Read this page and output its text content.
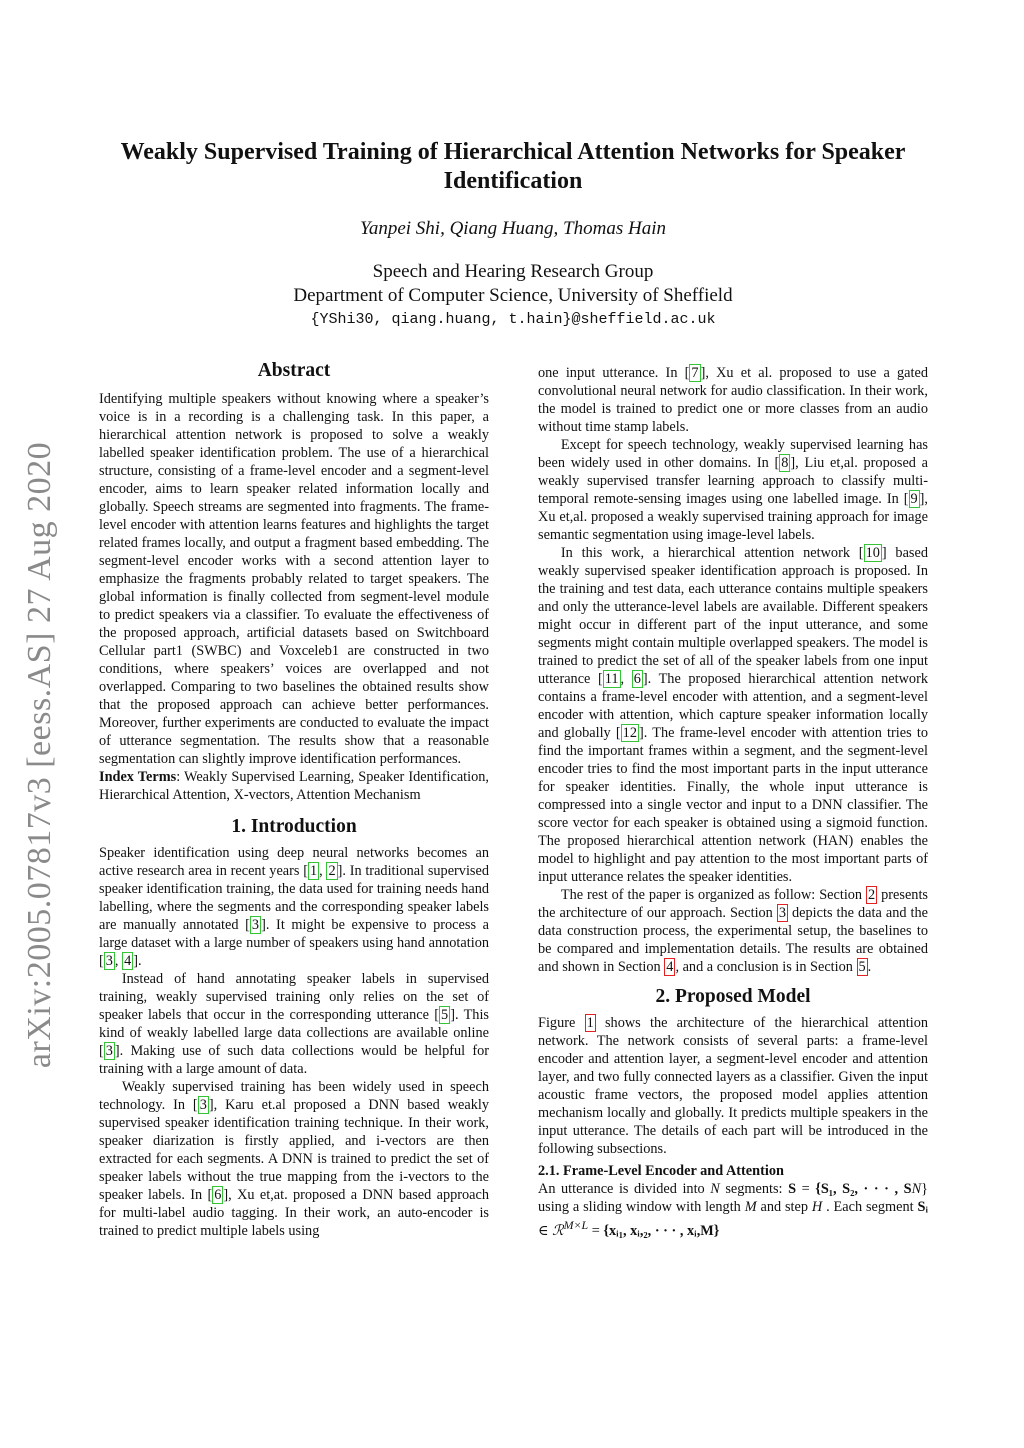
arXiv:2005.07817v3 [eess.AS] 27 Aug 2020
Weakly Supervised Training of Hierarchical Attention Networks for Speaker Identification
Yanpei Shi, Qiang Huang, Thomas Hain
Speech and Hearing Research Group
Department of Computer Science, University of Sheffield
{YShi30, qiang.huang, t.hain}@sheffield.ac.uk
Abstract

Identifying multiple speakers without knowing where a speaker’s voice is in a recording is a challenging task. In this paper, a hierarchical attention network is proposed to solve a weakly labelled speaker identification problem. The use of a hierarchical structure, consisting of a frame-level encoder and a segment-level encoder, aims to learn speaker related information locally and globally. Speech streams are segmented into fragments. The frame-level encoder with attention learns features and highlights the target related frames locally, and output a fragment based embedding. The segment-level encoder works with a second attention layer to emphasize the fragments probably related to target speakers. The global information is finally collected from segment-level module to predict speakers via a classifier. To evaluate the effectiveness of the proposed approach, artificial datasets based on Switchboard Cellular part1 (SWBC) and Voxceleb1 are constructed in two conditions, where speakers’ voices are overlapped and not overlapped. Comparing to two baselines the obtained results show that the proposed approach can achieve better performances. Moreover, further experiments are conducted to evaluate the impact of utterance segmentation. The results show that a reasonable segmentation can slightly improve identification performances.

Index Terms: Weakly Supervised Learning, Speaker Identification, Hierarchical Attention, X-vectors, Attention Mechanism

1. Introduction

Speaker identification using deep neural networks becomes an active research area in recent years [ 1 , 2 ]. In traditional supervised speaker identification training, the data used for training needs hand labelling, where the segments and the corresponding speaker labels are manually annotated [ 3 ]. It might be expensive to process a large dataset with a large number of speakers using hand annotation [ 3 , 4 ].

Instead of hand annotating speaker labels in supervised training, weakly supervised training only relies on the set of speaker labels that occur in the corresponding utterance [ 5 ]. This kind of weakly labelled large data collections are available online [ 3 ]. Making use of such data collections would be helpful for training with a large amount of data.

Weakly supervised training has been widely used in speech technology. In [ 3 ], Karu et.al proposed a DNN based weakly supervised speaker identification training technique. In their work, speaker diarization is firstly applied, and i-vectors are then extracted for each segments. A DNN is trained to predict the set of speaker labels without the true mapping from the i-vectors to the speaker labels. In [ 6 ], Xu et,at. proposed a DNN based approach for multi-label audio tagging. In their work, an auto-encoder is trained to predict multiple labels using

one input utterance. In [ 7 ], Xu et al. proposed to use a gated convolutional neural network for audio classification. In their work, the model is trained to predict one or more classes from an audio without time stamp labels.

Except for speech technology, weakly supervised learning has been widely used in other domains. In [ 8 ], Liu et,al. proposed a weakly supervised transfer learning approach to classify multi-temporal remote-sensing images using one labelled image. In [ 9 ], Xu et,al. proposed a weakly supervised training approach for image semantic segmentation using image-level labels.

In this work, a hierarchical attention network [ 10 ] based weakly supervised speaker identification approach is proposed. In the training and test data, each utterance contains multiple speakers and only the utterance-level labels are available. Different speakers might occur in different part of the input utterance, and some segments might contain multiple overlapped speakers. The model is trained to predict the set of all of the speaker labels from one input utterance [ 11 , 6 ]. The proposed hierarchical attention network contains a frame-level encoder with attention, and a segment-level encoder with attention, which capture speaker information locally and globally [ 12 ]. The frame-level encoder with attention tries to find the important frames within a segment, and the segment-level encoder tries to find the most important parts in the input utterance for speaker identities. Finally, the whole input utterance is compressed into a single vector and input to a DNN classifier. The score vector for each speaker is obtained using a sigmoid function. The proposed hierarchical attention network (HAN) enables the model to highlight and pay attention to the most important parts of input utterance relates the speaker identities.

The rest of the paper is organized as follow: Section 2 presents the architecture of our approach. Section 3 depicts the data and the data construction process, the experimental setup, the baselines to be compared and implementation details. The results are obtained and shown in Section 4 , and a conclusion is in Section 5 .

2. Proposed Model

Figure 1 shows the architecture of the hierarchical attention network. The network consists of several parts: a frame-level encoder and attention layer, a segment-level encoder and attention layer, and two fully connected layers as a classifier. Given the input acoustic frame vectors, the proposed model applies attention mechanism locally and globally. It predicts multiple speakers in the input utterance. The details of each part will be introduced in the following subsections.

2.1. Frame-Level Encoder and Attention

An utterance is divided into N segments: S = {S₁, S₂, · · · , SN} using a sliding window with length M and step H . Each segment Sᵢ ∈ ℛ$^{M\times L}$ = {xᵢ₁, xᵢ,₂, · · · , xᵢ,M}
